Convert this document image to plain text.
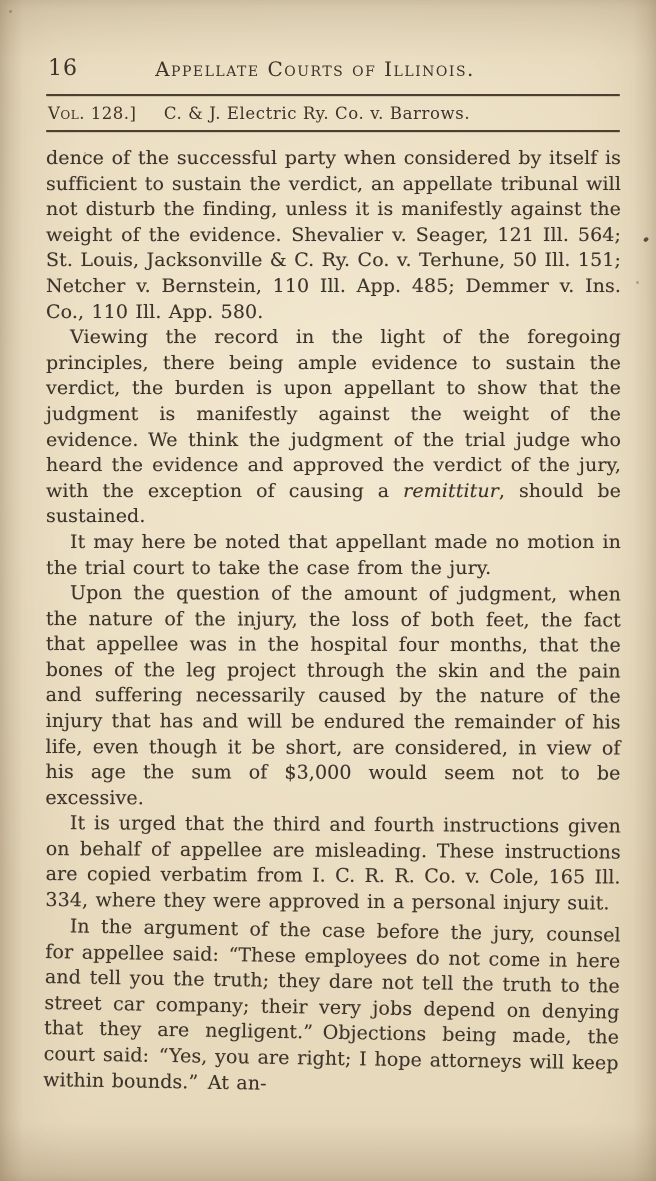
16	Appellate Courts of Illinois.
Vol. 128.]	C. & J. Electric Ry. Co. v. Barrows.

dence of the successful party when considered by itself is sufficient to sustain the verdict, an appellate tribunal will not disturb the finding, unless it is manifestly against the weight of the evidence. Shevalier v. Seager, 121 Ill. 564; St. Louis, Jacksonville & C. Ry. Co. v. Terhune, 50 Ill. 151; Netcher v. Bernstein, 110 Ill. App. 485; Demmer v. Ins. Co., 110 Ill. App. 580.

Viewing the record in the light of the foregoing principles, there being ample evidence to sustain the verdict, the burden is upon appellant to show that the judgment is manifestly against the weight of the evidence. We think the judgment of the trial judge who heard the evidence and approved the verdict of the jury, with the exception of causing a remittitur, should be sustained.

It may here be noted that appellant made no motion in the trial court to take the case from the jury.

Upon the question of the amount of judgment, when the nature of the injury, the loss of both feet, the fact that appellee was in the hospital four months, that the bones of the leg project through the skin and the pain and suffering necessarily caused by the nature of the injury that has and will be endured the remainder of his life, even though it be short, are considered, in view of his age the sum of $3,000 would seem not to be excessive.

It is urged that the third and fourth instructions given on behalf of appellee are misleading. These instructions are copied verbatim from I. C. R. R. Co. v. Cole, 165 Ill. 334, where they were approved in a personal injury suit.

In the argument of the case before the jury, counsel for appellee said: “These employees do not come in here and tell you the truth; they dare not tell the truth to the street car company; their very jobs depend on denying that they are negligent.” Objections being made, the court said: “Yes, you are right; I hope attorneys will keep within bounds.” At an-
